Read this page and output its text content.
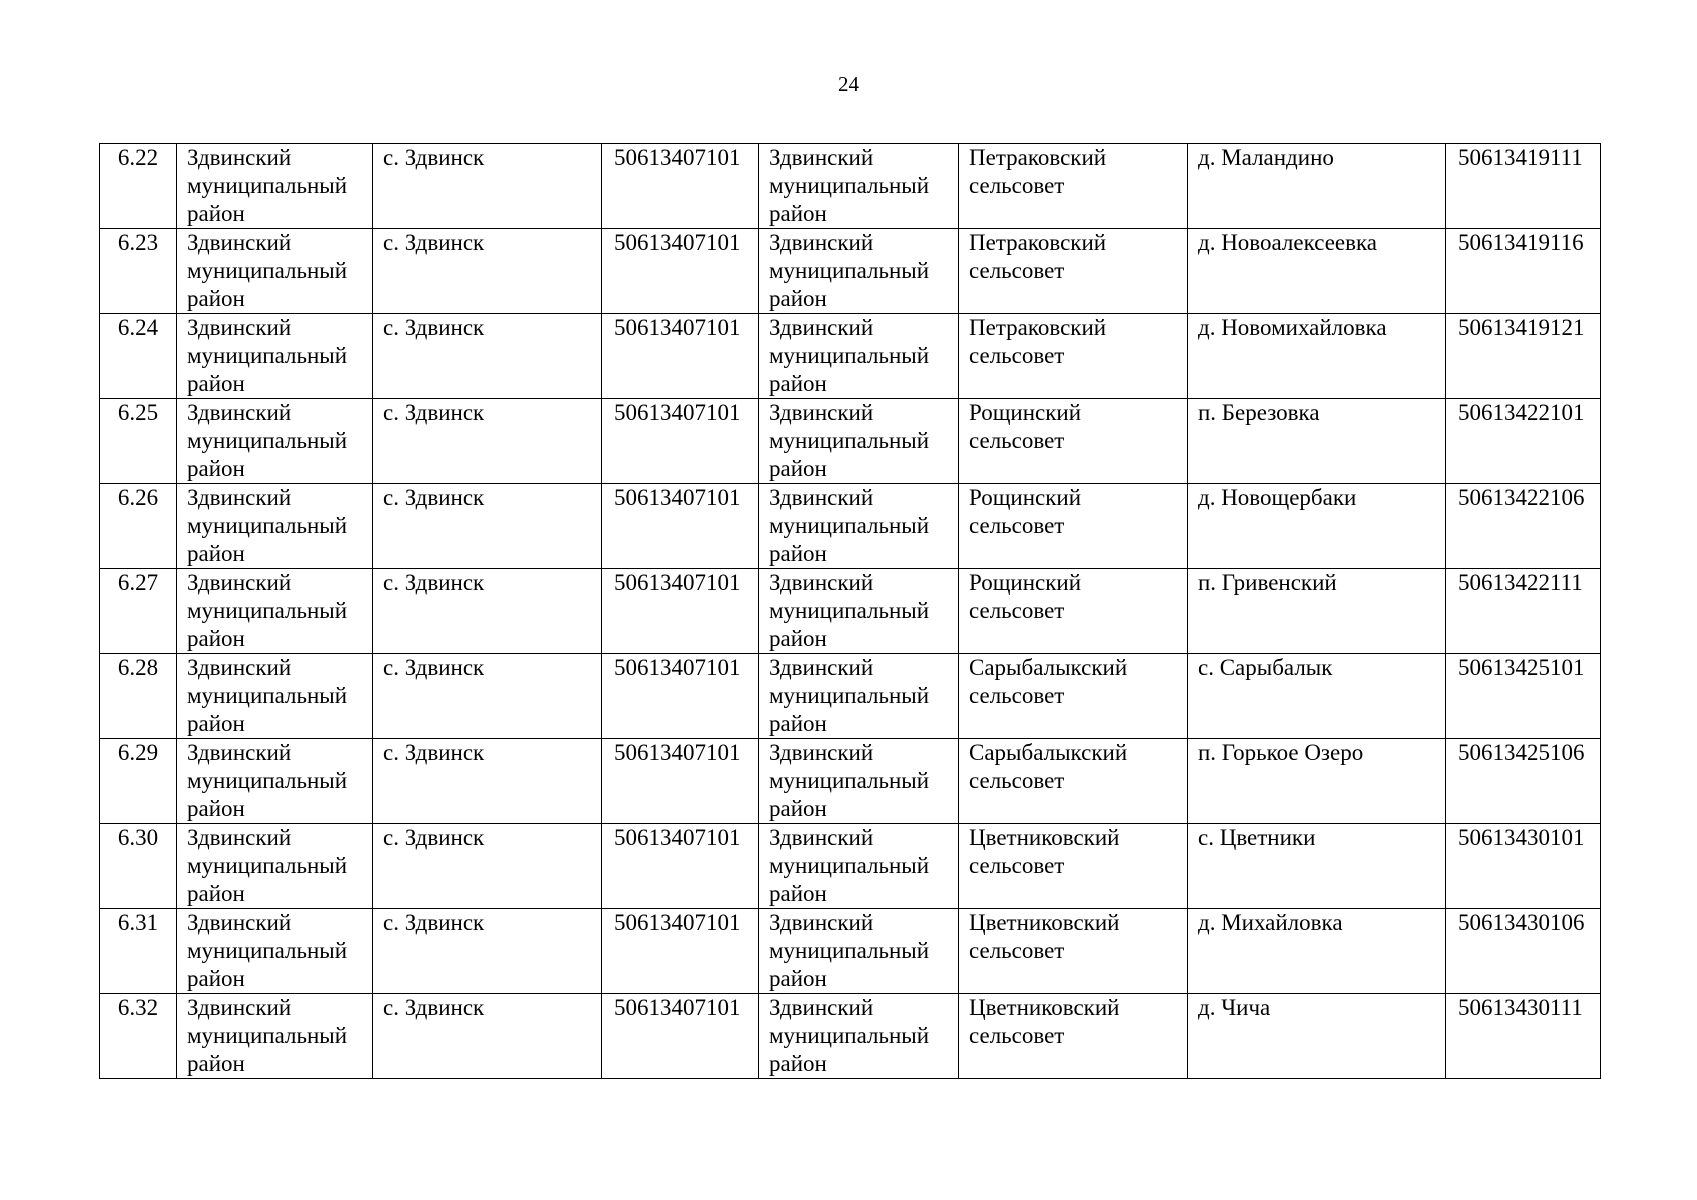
24
6.22	Здвинский
муниципальный
район	с. Здвинск	50613407101	Здвинский
муниципальный
район	Петраковский
сельсовет	д. Маландино	50613419111
6.23	Здвинский
муниципальный
район	с. Здвинск	50613407101	Здвинский
муниципальный
район	Петраковский
сельсовет	д. Новоалексеевка	50613419116
6.24	Здвинский
муниципальный
район	с. Здвинск	50613407101	Здвинский
муниципальный
район	Петраковский
сельсовет	д. Новомихайловка	50613419121
6.25	Здвинский
муниципальный
район	с. Здвинск	50613407101	Здвинский
муниципальный
район	Рощинский
сельсовет	п. Березовка	50613422101
6.26	Здвинский
муниципальный
район	с. Здвинск	50613407101	Здвинский
муниципальный
район	Рощинский
сельсовет	д. Новощербаки	50613422106
6.27	Здвинский
муниципальный
район	с. Здвинск	50613407101	Здвинский
муниципальный
район	Рощинский
сельсовет	п. Гривенский	50613422111
6.28	Здвинский
муниципальный
район	с. Здвинск	50613407101	Здвинский
муниципальный
район	Сарыбалыкский
сельсовет	с. Сарыбалык	50613425101
6.29	Здвинский
муниципальный
район	с. Здвинск	50613407101	Здвинский
муниципальный
район	Сарыбалыкский
сельсовет	п. Горькое Озеро	50613425106
6.30	Здвинский
муниципальный
район	с. Здвинск	50613407101	Здвинский
муниципальный
район	Цветниковский
сельсовет	с. Цветники	50613430101
6.31	Здвинский
муниципальный
район	с. Здвинск	50613407101	Здвинский
муниципальный
район	Цветниковский
сельсовет	д. Михайловка	50613430106
6.32	Здвинский
муниципальный
район	с. Здвинск	50613407101	Здвинский
муниципальный
район	Цветниковский
сельсовет	д. Чича	50613430111
